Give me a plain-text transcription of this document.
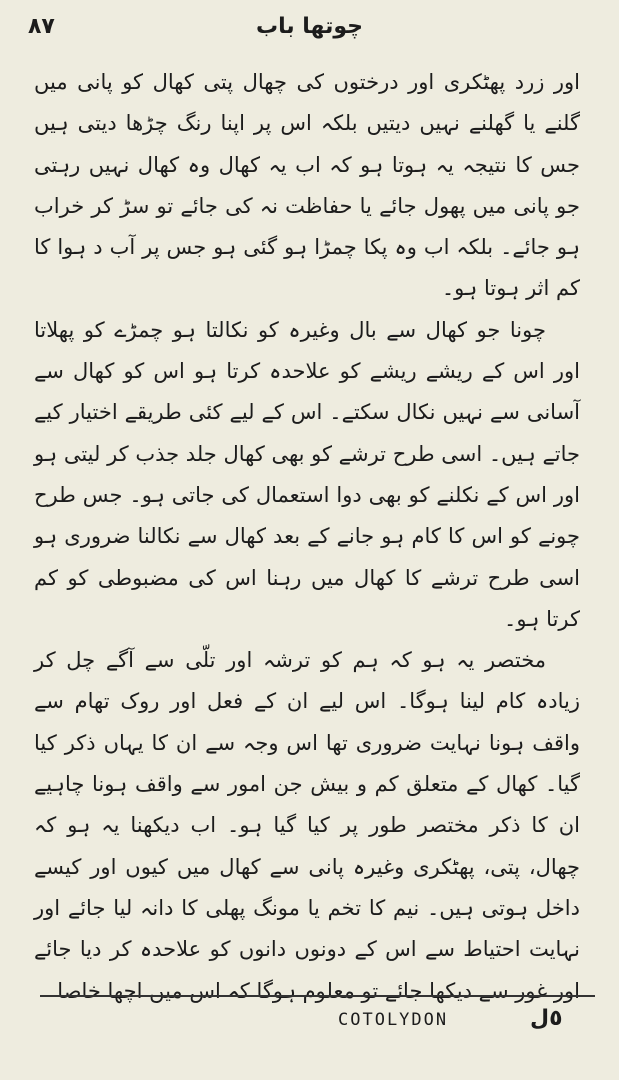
٨٧	چوتھا باب

اور زرد پھٹکری اور درختوں کی چھال پتی کھال کو پانی میں گلنے یا گھلنے نہیں دیتیں بلکہ اس پر اپنا رنگ چڑھا دیتی ہیں جس کا نتیجہ یہ ہوتا ہو کہ اب یہ کھال وہ کھال نہیں رہتی جو پانی میں پھول جائے یا حفاظت نہ کی جائے تو سڑ کر خراب ہو جائے۔ بلکہ اب وہ پکا چمڑا ہو گئی ہو جس پر آب د ہوا کا کم اثر ہوتا ہو۔

چونا جو کھال سے بال وغیرہ کو نکالتا ہو چمڑے کو پھلاتا اور اس کے ریشے ریشے کو علاحدہ کرتا ہو اس کو کھال سے آسانی سے نہیں نکال سکتے۔ اس کے لیے کئی طریقے اختیار کیے جاتے ہیں۔ اسی طرح ترشے کو بھی کھال جلد جذب کر لیتی ہو اور اس کے نکلنے کو بھی دوا استعمال کی جاتی ہو۔ جس طرح چونے کو اس کا کام ہو جانے کے بعد کھال سے نکالنا ضروری ہو اسی طرح ترشے کا کھال میں رہنا اس کی مضبوطی کو کم کرتا ہو۔

مختصر یہ ہو کہ ہم کو ترشہ اور تلّی سے آگے چل کر زیادہ کام لینا ہوگا۔ اس لیے ان کے فعل اور روک تھام سے واقف ہونا نہایت ضروری تھا اس وجہ سے ان کا یہاں ذکر کیا گیا۔ کھال کے متعلق کم و بیش جن امور سے واقف ہونا چاہیے ان کا ذکر مختصر طور پر کیا گیا ہو۔ اب دیکھنا یہ ہو کہ چھال، پتی، پھٹکری وغیرہ پانی سے کھال میں کیوں اور کیسے داخل ہوتی ہیں۔ نیم کا تخم یا مونگ پھلی کا دانہ لیا جائے اور نہایت احتیاط سے اس کے دونوں دانوں کو علاحدہ کر دیا جائے اور غور سے دیکھا جائے تو معلوم ہوگا کہ اس میں اچھا خاصا

COTOLYDON	٥ل
